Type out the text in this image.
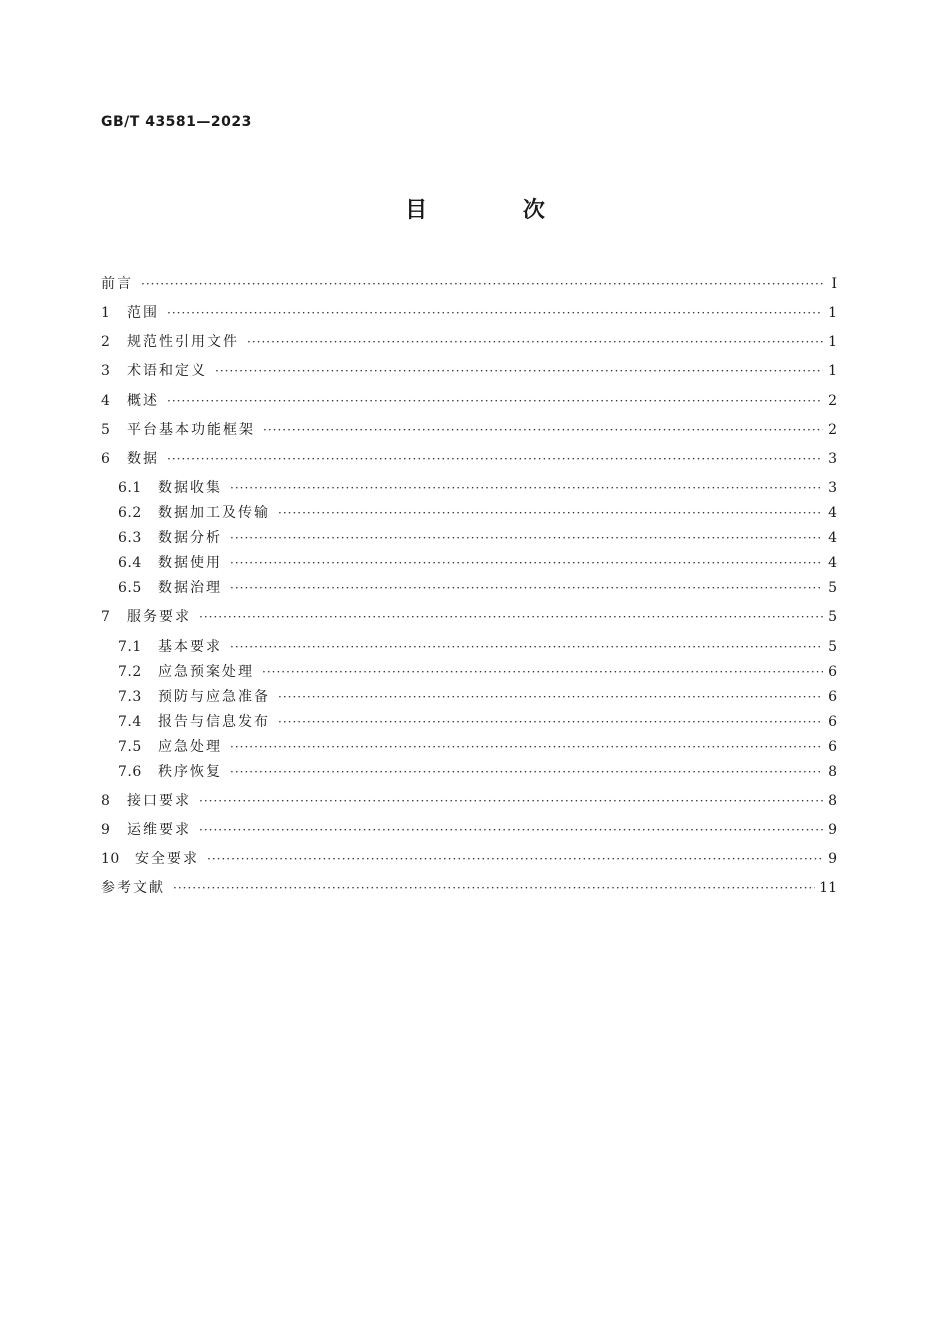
GB/T 43581—2023
目 次
前言 ·····	Ⅰ
1	范围 ·····	1
2	规范性引用文件 ·····	1
3	术语和定义 ·····	1
4	概述 ·····	2
5	平台基本功能框架 ·····	2
6	数据 ·····	3
6.1	数据收集 ·····	3
6.2	数据加工及传输 ·····	4
6.3	数据分析 ·····	4
6.4	数据使用 ·····	4
6.5	数据治理 ·····	5
7	服务要求 ·····	5
7.1	基本要求 ·····	5
7.2	应急预案处理 ·····	6
7.3	预防与应急准备 ·····	6
7.4	报告与信息发布 ·····	6
7.5	应急处理 ·····	6
7.6	秩序恢复 ·····	8
8	接口要求 ·····	8
9	运维要求 ·····	9
10	安全要求 ·····	9
参考文献 ·····	11
